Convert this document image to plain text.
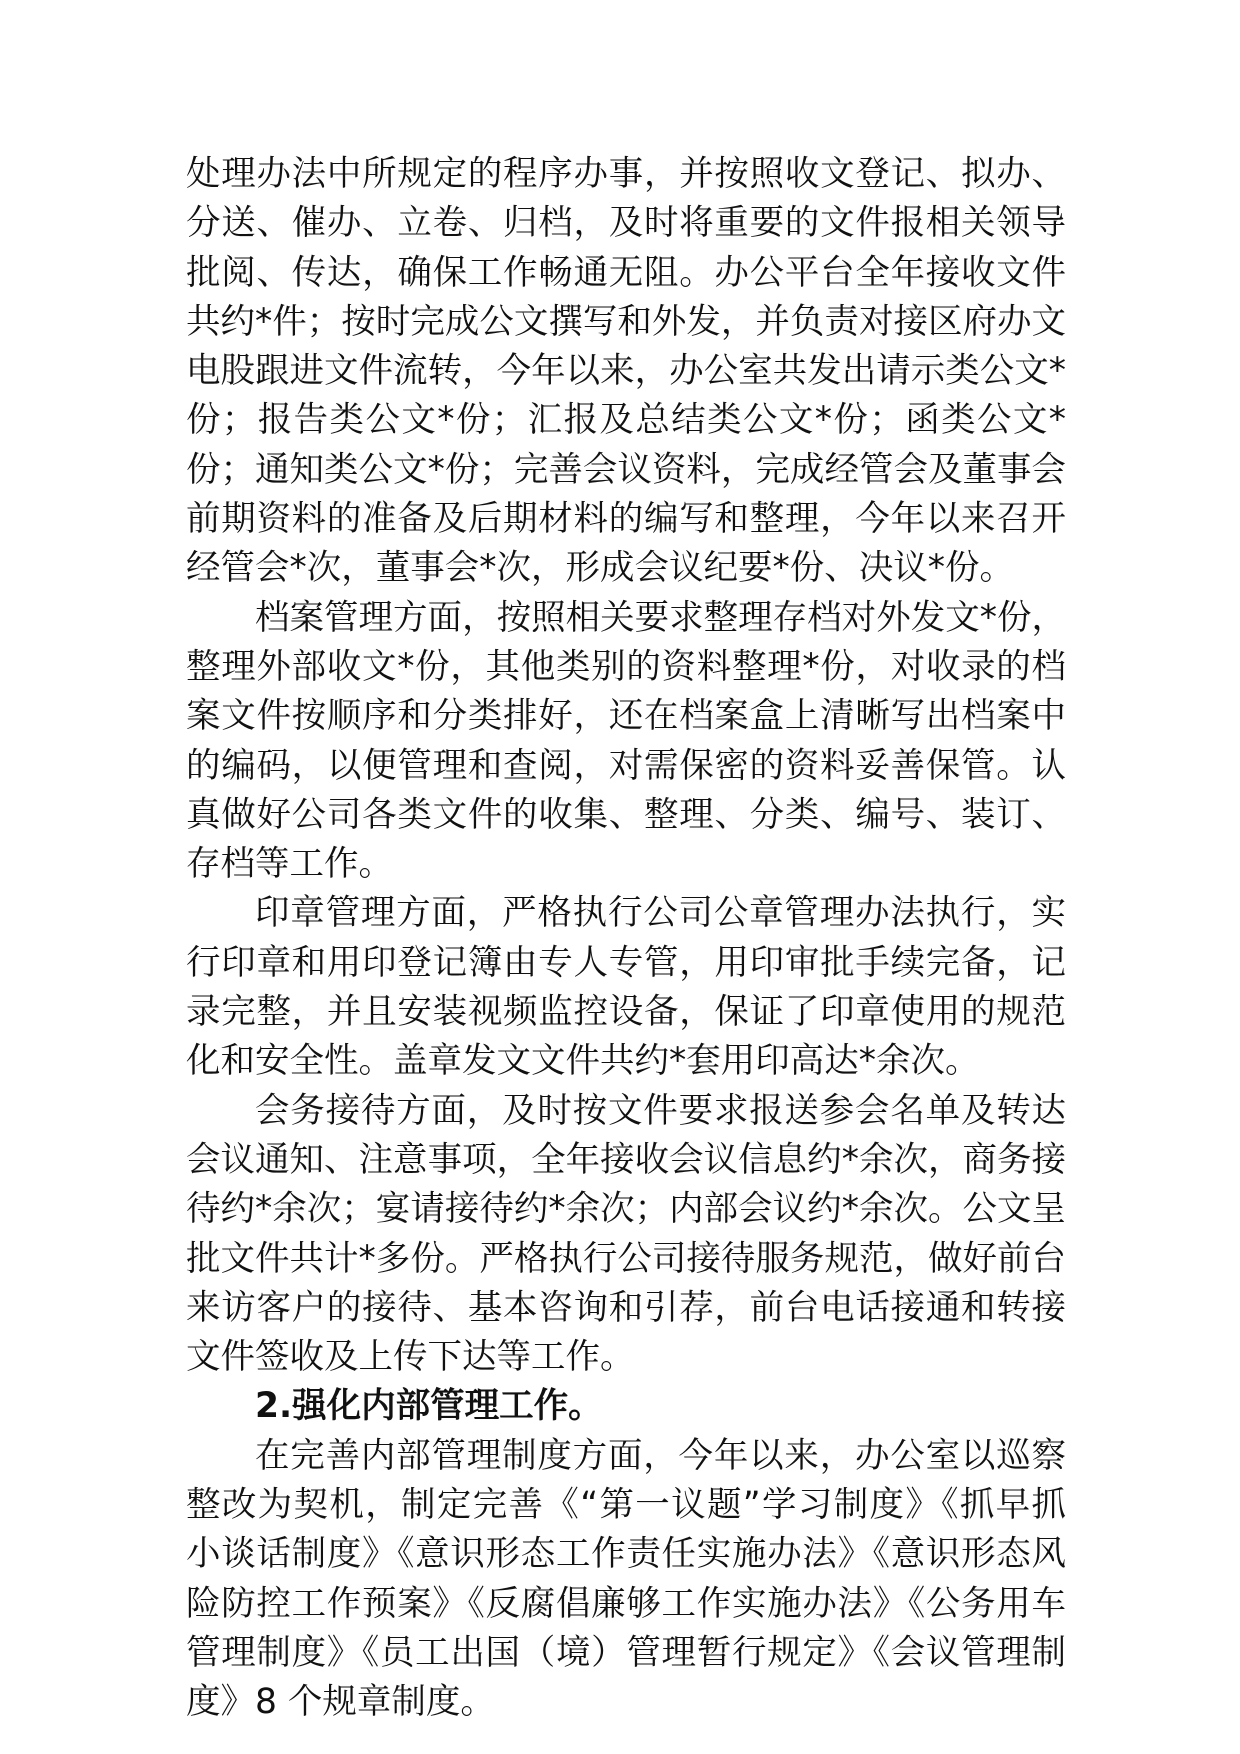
处理办法中所规定的程序办事，并按照收文登记、拟办、分送、催办、立卷、归档，及时将重要的文件报相关领导批阅、传达，确保工作畅通无阻。办公平台全年接收文件共约*件；按时完成公文撰写和外发，并负责对接区府办文电股跟进文件流转，今年以来，办公室共发出请示类公文*份；报告类公文*份；汇报及总结类公文*份；函类公文*份；通知类公文*份；完善会议资料，完成经管会及董事会前期资料的准备及后期材料的编写和整理，今年以来召开经管会*次，董事会*次，形成会议纪要*份、决议*份。

档案管理方面，按照相关要求整理存档对外发文*份，整理外部收文*份，其他类别的资料整理*份，对收录的档案文件按顺序和分类排好，还在档案盒上清晰写出档案中的编码，以便管理和查阅，对需保密的资料妥善保管。认真做好公司各类文件的收集、整理、分类、编号、装订、存档等工作。

印章管理方面，严格执行公司公章管理办法执行，实行印章和用印登记簿由专人专管，用印审批手续完备，记录完整，并且安装视频监控设备，保证了印章使用的规范化和安全性。盖章发文文件共约*套用印高达*余次。

会务接待方面，及时按文件要求报送参会名单及转达会议通知、注意事项，全年接收会议信息约*余次，商务接待约*余次；宴请接待约*余次；内部会议约*余次。公文呈批文件共计*多份。严格执行公司接待服务规范，做好前台来访客户的接待、基本咨询和引荐，前台电话接通和转接文件签收及上传下达等工作。

2.强化内部管理工作。

在完善内部管理制度方面，今年以来，办公室以巡察整改为契机，制定完善《“第一议题”学习制度》《抓早抓小谈话制度》《意识形态工作责任实施办法》《意识形态风险防控工作预案》《反腐倡廉够工作实施办法》《公务用车管理制度》《员工出国（境）管理暂行规定》《会议管理制度》8 个规章制度。
